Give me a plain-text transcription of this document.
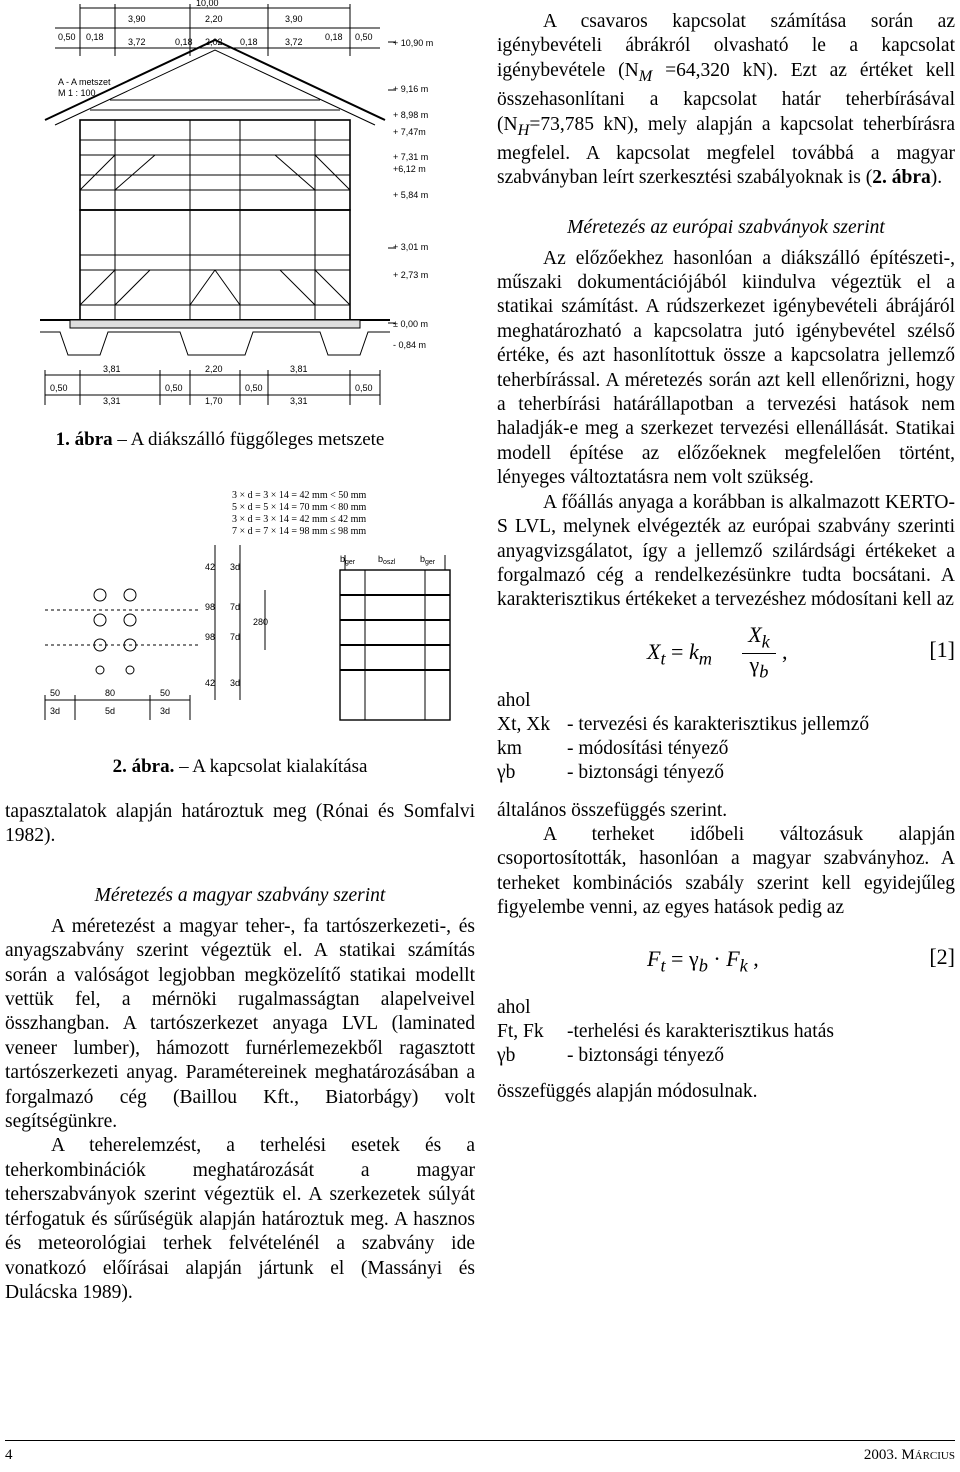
10,00
0,50 0,18
3,90	2,20	3,90
0,18 0,50
3,72	0,18 2,02 0,18	3,72
A - A metszet
M 1 : 100
+ 10,90 m
+ 9,16 m
+ 8,98 m
+ 7,47m
+ 7,31 m
+6,12 m
+ 5,84 m
+ 3,01 m
+ 2,73 m
± 0,00 m
- 0,84 m
3,81	2,20	3,81
0,50	0,50	0,50	0,50
3,31	1,70	3,31
1. ábra – A diákszálló függőleges metszete
3 × d = 3 × 14 = 42 mm < 50 mm
5 × d = 5 × 14 = 70 mm < 80 mm
3 × d = 3 × 14 = 42 mm ≤ 42 mm
7 × d = 7 × 14 = 98 mm ≤ 98 mm
$b_{ger}$	$b_{oszl}$	$b_{ger}$
50	80	50
3d	5d	3d
42 3d
98
98
7d
7d
280
42 3d
2. ábra. – A kapcsolat kialakítása

tapasztalatok alapján határoztuk meg (Rónai és Somfalvi 1982).

Méretezés a magyar szabvány szerint

A méretezést a magyar teher-, fa tartószerkezeti-, és anyagszabvány szerint végeztük el. A statikai számítás során a valóságot legjobban megközelítő statikai modellt vettük fel, a mérnöki rugalmasságtan alapelveivel összhangban. A tartószerkezet anyaga LVL (laminated veneer lumber), hámozott furnérlemezekből ragasztott tartószerkezeti anyag. Paramétereinek meghatározásában a forgalmazó cég (Baillou Kft., Biatorbágy) volt segítségünkre.

A teherelemzést, a terhelési esetek és a teherkombinációk meghatározását a magyar teherszabványok szerint végeztük el. A szerkezetek súlyát térfogatuk és sűrűségük alapján határoztuk meg. A hasznos és meteorológiai terhek felvételénél a szabvány ide vonatkozó előírásai alapján jártunk el (Massányi és Dulácska 1989).

A csavaros kapcsolat számítása során az igénybevételi ábrákról olvasható le a kapcsolat igénybevétele ($N_M =64,320$ kN). Ezt az értéket kell összehasonlítani a kapcsolat határ teherbírásával ($N_H=73,785$ kN), mely alapján a kapcsolat teherbírásra megfelel. A kapcsolat megfelel továbbá a magyar szabványban leírt szerkesztési szabályoknak is (2. ábra).

Méretezés az európai szabványok szerint

Az előzőekhez hasonlóan a diákszálló építészeti-, műszaki dokumentációjából kiindulva végeztük el a statikai számítást. A rúdszerkezet igénybevételi ábrájáról meghatározható a kapcsolatra jutó igénybevétel szélső értéke, és azt hasonlítottuk össze a kapcsolatra jellemző teherbírással. A méretezés során azt kell ellenőrizni, hogy a teherbírási határállapotban a tervezési hatások nem haladják-e meg a szerkezet tervezési ellenállását. Statikai modell építése az előzőeknek megfelelően történt, lényeges változtatásra nem volt szükség.

A főállás anyaga a korábban is alkalmazott KERTO-S LVL, melynek elvégezték az európai szabvány szerinti anyagvizsgálatot, így a jellemző szilárdsági értékeket a forgalmazó cég a rendelkezésünkre tudta bocsátani. A karakterisztikus értékeket a tervezéshez módosítani kell az

$X_t = k_m$
$X_k$
$\gamma_b$
,	[1]
ahol
Xt, Xk - tervezési és karakterisztikus jellemző
km - módosítási tényező
γb	- biztonsági tényező
általános összefüggés szerint.

A terheket időbeli változásuk alapján csoportosították, hasonlóan a magyar szabványhoz. A terheket kombinációs szabály szerint kell egyidejűleg figyelembe venni, az egyes hatások pedig az

$F_t = \gamma_b \cdot F_k$ ,	[2]
ahol
Ft, Fk -terhelési és karakterisztikus hatás
γb	- biztonsági tényező
összefüggés alapján módosulnak.
4	2003. Március
